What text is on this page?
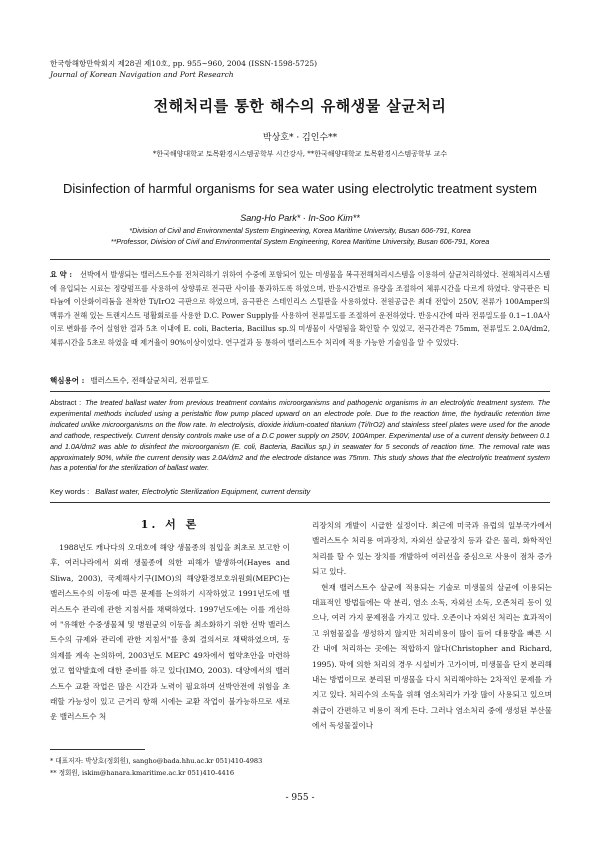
한국항해항만학회지 제28권 제10호, pp. 955~960, 2004 (ISSN-1598-5725)
Journal of Korean Navigation and Port Research
전해처리를 통한 해수의 유해생물 살균처리
박상호* · 김인수**
*한국해양대학교 토목환경시스템공학부 시간강사, **한국해양대학교 토목환경시스템공학부 교수
Disinfection of harmful organisms for sea water using electrolytic treatment system
Sang-Ho Park* · In-Soo Kim**
*Division of Civil and Environmental System Engineering, Korea Maritime University, Busan 606-791, Korea
**Professor, Division of Civil and Environmental System Engineering, Korea Maritime University, Busan 606-791, Korea
요 약 : 선박에서 발생되는 밸러스트수를 전처리하기 위하여 수중에 포함되어 있는 미생물을 복극전해처리시스템을 이용하여 살균처리하였다. 전해처리시스템에 유입되는 시료는 정량펌프를 사용하여 상향류로 전극판 사이를 통과하도록 하였으며, 반응시간별로 유량을 조절하여 체류시간을 다르게 하였다. 양극판은 티타늄에 이산화이리듐을 전착한 Ti/IrO2 극판으로 하였으며, 음극판은 스테인리스 스틸판을 사용하였다. 전원공급은 최대 전압이 250V, 전류가 100Amper의 맥류가 전해 있는 트랜지스트 평활회로를 사용한 D.C. Power Supply를 사용하여 전류밀도를 조절하여 운전하였다. 반응시간에 따라 전류밀도를 0.1~1.0A사이로 변화를 주어 실험한 결과 5초 이내에 E. coli, Bacteria, Bacillus sp.의 미생물이 사멸됨을 확인할 수 있었고, 전극간격은 75mm, 전류밀도 2.0A/dm2, 체류시간을 5초로 하였을 때 제거율이 90%이상이었다. 연구결과 등 통하여 밸러스트수 처리에 적용 가능한 기술임을 알 수 있었다.
핵심용어 : 밸러스트수, 전해살균처리, 전류밀도
Abstract : The treated ballast water from previous treatment contains microorganisms and pathogenic organisms in an electrolytic treatment system. The experimental methods included using a peristaltic flow pump placed upward on an electrode pole. Due to the reaction time, the hydraulic retention time indicated unlike microorganisms on the flow rate. In electrolysis, dioxide iridium-coated titanium (Ti/IrO2) and stainless steel plates were used for the anode and cathode, respectively. Current density controls make use of a D.C power supply on 250V, 100Amper. Experimental use of a current density between 0.1 and 1.0A/dm2 was able to disinfect the microorganism (E. coli, Bacteria, Bacillus sp.) in seawater for 5 seconds of reaction time. The removal rate was approximately 90%, while the current density was 2.0A/dm2 and the electrode distance was 75mm. This study shows that the electrolytic treatment system has a potential for the sterilization of ballast water.
Key words : Ballast water, Electrolytic Sterilization Equipment, current density
1. 서 론

1988년도 캐나다의 오대호에 해양 생물종의 침입을 최초로 보고한 이후, 여러나라에서 외래 생물종에 의한 피해가 발생하여(Hayes and Sliwa, 2003), 국제해사기구(IMO)의 해양환경보호위원회(MEPC)는 밸러스트수의 이동에 따른 문제를 논의하기 시작하였고 1991년도에 밸러스트수 관리에 관한 지침서를 채택하였다. 1997년도에는 이를 개선하여 "유해한 수중생물체 및 병원균의 이동을 최소화하기 위한 선박 밸러스트수의 규제와 관리에 관한 지침서"를 총회 결의서로 채택하였으며, 동 의제를 계속 논의하여, 2003년도 MEPC 49차에서 협약초안을 마련하였고 협약발효에 대한 준비를 하고 있다(IMO, 2003). 대양에서의 밸러스트수 교환 작업은 많은 시간과 노력이 필요하며 선박안전에 위험을 초래할 가능성이 있고 근거리 항해 시에는 교환 작업이 불가능하므로 새로운 밸러스트수 처

리장치의 개발이 시급한 실정이다. 최근에 미국과 유럽의 일부국가에서 밸러스트수 처리용 여과장치, 자외선 살균장치 등과 같은 물리, 화학적인 처리를 할 수 있는 장치를 개발하여 여러선을 중심으로 사용이 점차 증가되고 있다.

현재 밸러스트수 살균에 적용되는 기술로 미생물의 살균에 이용되는 대표적인 방법들에는 막 분리, 염소 소독, 자외선 소독, 오존처리 등이 있으나, 여러 가지 문제점을 가지고 있다. 오존이나 자외선 처리는 효과적이고 위험물질을 생성하지 않지만 처리비용이 많이 들어 대용량을 빠른 시간 내에 처리하는 곳에는 적합하지 않다(Christopher and Richard, 1995). 막에 의한 처리의 경우 시설비가 고가이며, 미생물을 단지 분리해 내는 방법이므로 분리된 미생물을 다시 처리해야하는 2차적인 문제를 가지고 있다. 처리수의 소독을 위해 염소처리가 가장 많이 사용되고 있으며 취급이 간편하고 비용이 적게 든다. 그러나 염소처리 중에 생성된 부산물에서 독성물질이나

* 대표저자: 박상호(정회원), sangho@bada.hhu.ac.kr 051)410-4983
** 정회원, iskim@hanara.kmaritime.ac.kr 051)410-4416
- 955 -
